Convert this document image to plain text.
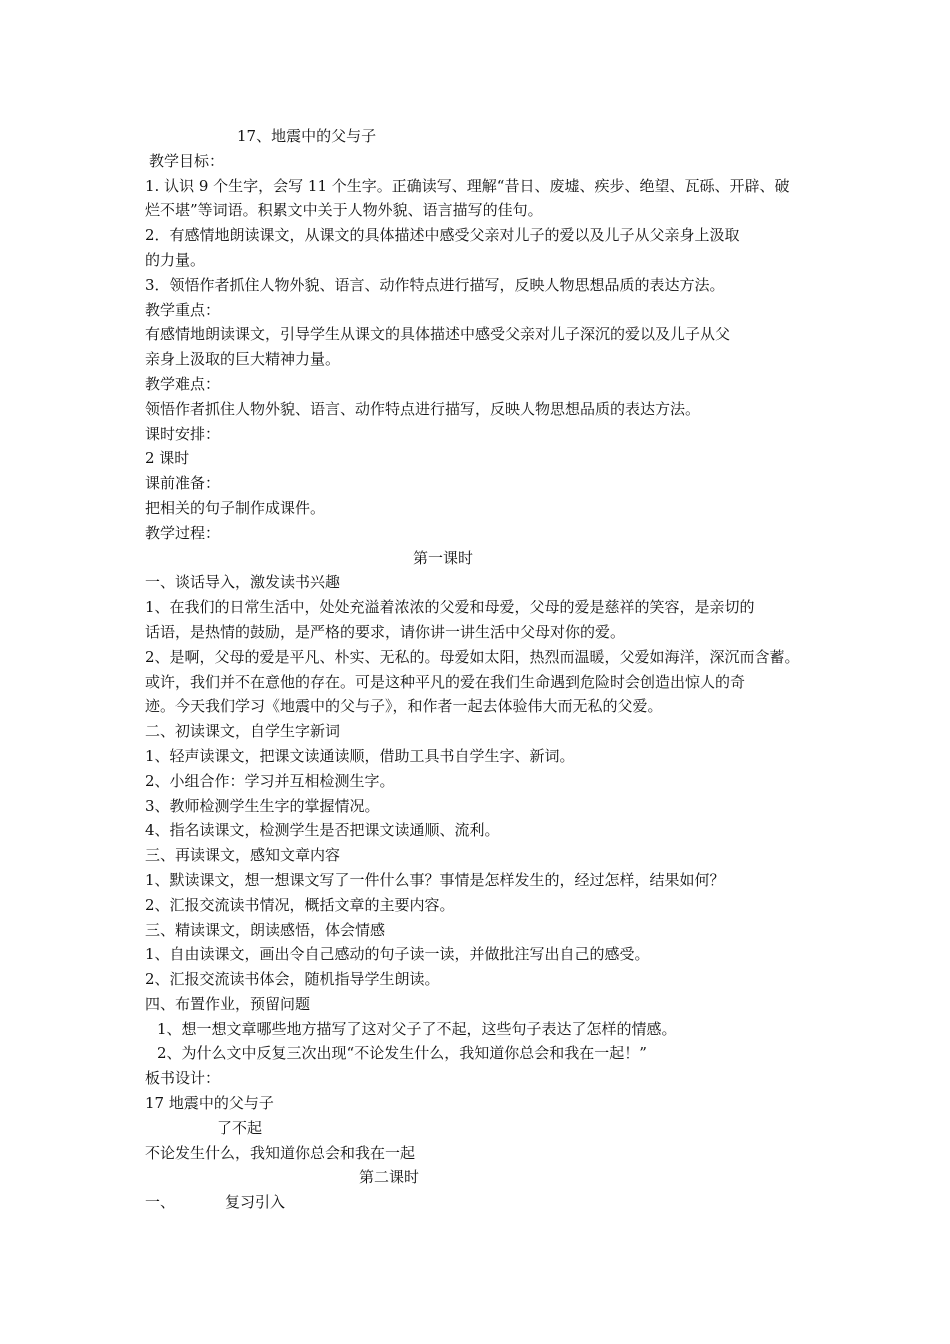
17、地震中的父与子
教学目标：
1. 认识 9 个生字，会写 11 个生字。正确读写、理解“昔日、废墟、疾步、绝望、瓦砾、开辟、破
烂不堪”等词语。积累文中关于人物外貌、语言描写的佳句。
2．有感情地朗读课文，从课文的具体描述中感受父亲对儿子的爱以及儿子从父亲身上汲取
的力量。
3．领悟作者抓住人物外貌、语言、动作特点进行描写，反映人物思想品质的表达方法。
教学重点：
有感情地朗读课文，引导学生从课文的具体描述中感受父亲对儿子深沉的爱以及儿子从父
亲身上汲取的巨大精神力量。
教学难点：
领悟作者抓住人物外貌、语言、动作特点进行描写，反映人物思想品质的表达方法。
课时安排：
2 课时
课前准备：
把相关的句子制作成课件。
教学过程：
第一课时
一、谈话导入，激发读书兴趣
1、在我们的日常生活中，处处充溢着浓浓的父爱和母爱，父母的爱是慈祥的笑容，是亲切的
话语，是热情的鼓励，是严格的要求，请你讲一讲生活中父母对你的爱。
2、是啊，父母的爱是平凡、朴实、无私的。母爱如太阳，热烈而温暖，父爱如海洋，深沉而含蓄。
或许，我们并不在意他的存在。可是这种平凡的爱在我们生命遇到危险时会创造出惊人的奇
迹。今天我们学习《地震中的父与子》，和作者一起去体验伟大而无私的父爱。
二、初读课文，自学生字新词
1、轻声读课文，把课文读通读顺，借助工具书自学生字、新词。
2、小组合作：学习并互相检测生字。
3、教师检测学生生字的掌握情况。
4、指名读课文，检测学生是否把课文读通顺、流利。
三、再读课文，感知文章内容
1、默读课文，想一想课文写了一件什么事？事情是怎样发生的，经过怎样，结果如何？
2、汇报交流读书情况，概括文章的主要内容。
三、精读课文，朗读感悟，体会情感
1、自由读课文，画出令自己感动的句子读一读，并做批注写出自己的感受。
2、汇报交流读书体会，随机指导学生朗读。
四、布置作业，预留问题
1、想一想文章哪些地方描写了这对父子了不起，这些句子表达了怎样的情感。
2、为什么文中反复三次出现“不论发生什么，我知道你总会和我在一起！”
板书设计：
17 地震中的父与子
了不起
不论发生什么，我知道你总会和我在一起
第二课时
一、	复习引入
